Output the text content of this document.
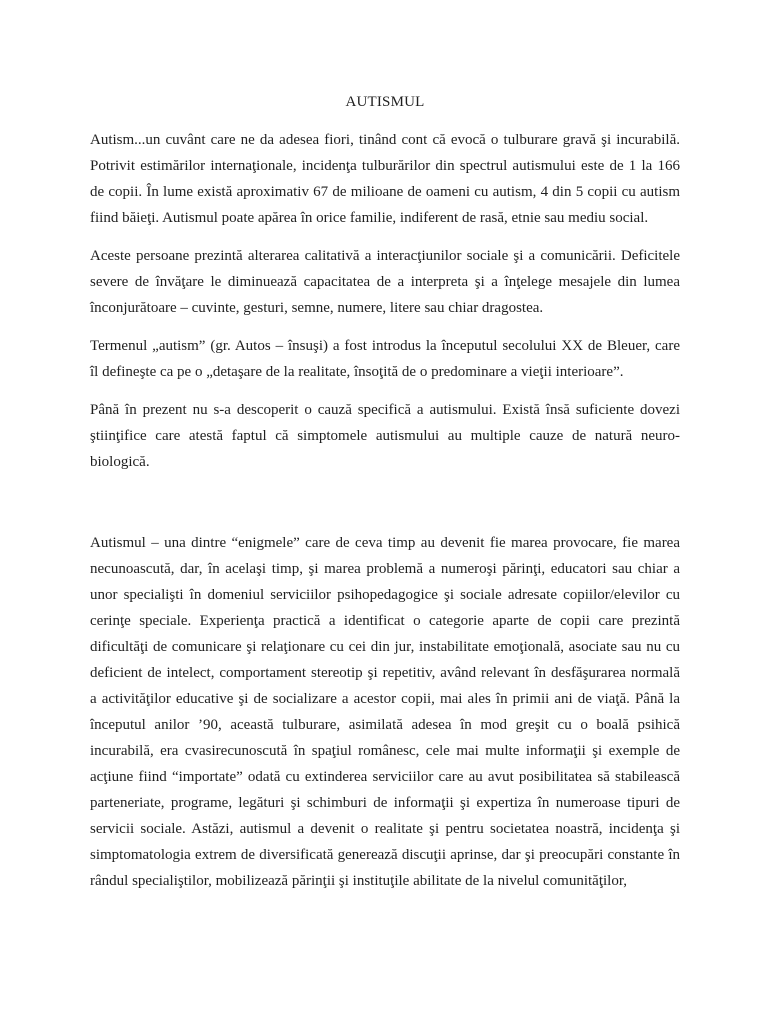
AUTISMUL
Autism...un cuvânt care ne da adesea fiori, tinând cont că evocă o tulburare gravă şi incurabilă.
Potrivit estimărilor internaţionale, incidenţa tulburărilor din spectrul autismului este de 1 la 166
de copii. În lume există aproximativ 67 de milioane de oameni cu autism, 4 din 5 copii cu autism
fiind băieţi. Autismul poate apărea în orice familie, indiferent de rasă, etnie sau mediu social.
Aceste persoane prezintă alterarea calitativă a interacţiunilor sociale şi a comunicării. Deficitele
severe de învăţare le diminuează capacitatea de a interpreta şi a înţelege mesajele din lumea
înconjurătoare – cuvinte, gesturi, semne, numere, litere sau chiar dragostea.
Termenul „autism” (gr. Autos – însuşi) a fost introdus la începutul secolului XX de Bleuer, care
îl defineşte ca pe o „detaşare de la realitate, însoţită de o predominare a vieţii interioare”.
Până în prezent nu s-a descoperit o cauză specifică a autismului. Există însă suficiente dovezi
ştiinţifice care atestă faptul că simptomele autismului au multiple cauze de natură neuro-
biologică.
Autismul – una dintre “enigmele” care de ceva timp au devenit fie marea provocare, fie marea
necunoascută, dar, în acelaşi timp, şi marea problemă a numeroşi părinţi, educatori sau chiar a
unor specialişti în domeniul serviciilor psihopedagogice şi sociale adresate copiilor/elevilor cu
cerinţe speciale. Experienţa practică a identificat o categorie aparte de copii care prezintă
dificultăţi de comunicare şi relaţionare cu cei din jur, instabilitate emoţională, asociate sau nu cu
deficient de intelect, comportament stereotip şi repetitiv, având relevant în desfăşurarea normală
a activităţilor educative şi de socializare a acestor copii, mai ales în primii ani de viaţă. Până la
începutul anilor ’90, această tulburare, asimilată adesea în mod greşit cu o boală psihică
incurabilă, era cvasirecunoscută în spaţiul românesc, cele mai multe informaţii şi exemple de
acţiune fiind “importate” odată cu extinderea serviciilor care au avut posibilitatea să stabilească
parteneriate, programe, legături şi schimburi de informaţii şi expertiza în numeroase tipuri de
servicii sociale. Astăzi, autismul a devenit o realitate şi pentru societatea noastră, incidenţa şi
simptomatologia extrem de diversificată generează discuţii aprinse, dar şi preocupări constante în
rândul specialiştilor, mobilizează părinţii şi instituţile abilitate de la nivelul comunităţilor,
